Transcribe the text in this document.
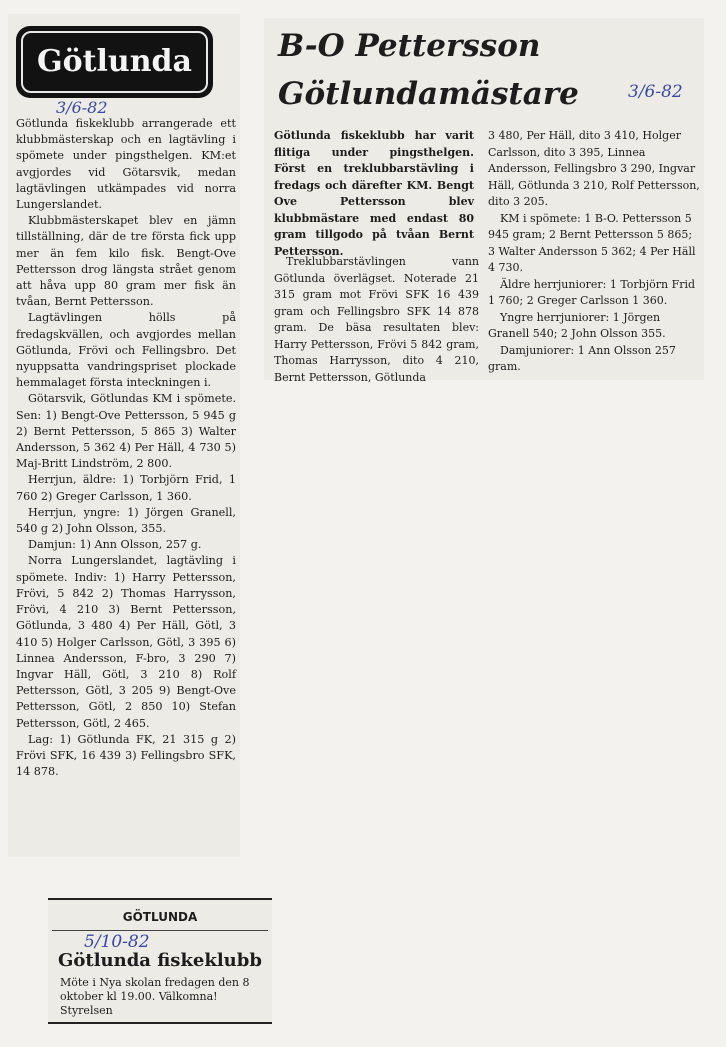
Götlunda
3/6-82

Götlunda fiskeklubb arrangerade ett klubbmästerskap och en lagtävling i spömete under pingsthelgen. KM:et avgjordes vid Götarsvik, medan lagtävlingen utkämpades vid norra Lungerslandet.

Klubbmästerskapet blev en jämn tillställning, där de tre första fick upp mer än fem kilo fisk. Bengt-Ove Pettersson drog längsta strået genom att håva upp 80 gram mer fisk än tvåan, Bernt Pettersson.

Lagtävlingen hölls på fredagskvällen, och avgjordes mellan Götlunda, Frövi och Fellingsbro. Det nyuppsatta vandringspriset plockade hemmalaget första inteckningen i.

Götarsvik, Götlundas KM i spömete. Sen: 1) Bengt-Ove Pettersson, 5 945 g 2) Bernt Pettersson, 5 865 3) Walter Andersson, 5 362 4) Per Häll, 4 730 5) Maj-Britt Lindström, 2 800.

Herrjun, äldre: 1) Torbjörn Frid, 1 760 2) Greger Carlsson, 1 360.

Herrjun, yngre: 1) Jörgen Granell, 540 g 2) John Olsson, 355.

Damjun: 1) Ann Olsson, 257 g.

Norra Lungerslandet, lagtävling i spömete. Indiv: 1) Harry Pettersson, Frövi, 5 842 2) Thomas Harrysson, Frövi, 4 210 3) Bernt Pettersson, Götlunda, 3 480 4) Per Häll, Götl, 3 410 5) Holger Carlsson, Götl, 3 395 6) Linnea Andersson, F-bro, 3 290 7) Ingvar Häll, Götl, 3 210 8) Rolf Pettersson, Götl, 3 205 9) Bengt-Ove Pettersson, Götl, 2 850 10) Stefan Pettersson, Götl, 2 465.

Lag: 1) Götlunda FK, 21 315 g 2) Frövi SFK, 16 439 3) Fellingsbro SFK, 14 878.

B-O Pettersson
Götlundamästare	3/6-82
Götlunda fiskeklubb har varit flitiga under pingsthelgen. Först en treklubbarstävling i fredags och därefter KM. Bengt Ove Pettersson blev klubbmästare med endast 80 gram tillgodo på tvåan Bernt Pettersson.

Treklubbarstävlingen vann Götlunda överlägset. Noterade 21 315 gram mot Frövi SFK 16 439 gram och Fellingsbro SFK 14 878 gram. De bäsa resultaten blev: Harry Pettersson, Frövi 5 842 gram, Thomas Harrysson, dito 4 210, Bernt Pettersson, Götlunda

3 480, Per Häll, dito 3 410, Holger Carlsson, dito 3 395, Linnea Andersson, Fellingsbro 3 290, Ingvar Häll, Götlunda 3 210, Rolf Pettersson, dito 3 205.

KM i spömete: 1 B-O. Pettersson 5 945 gram; 2 Bernt Pettersson 5 865; 3 Walter Andersson 5 362; 4 Per Häll 4 730.

Äldre herrjuniorer: 1 Torbjörn Frid 1 760; 2 Greger Carlsson 1 360.

Yngre herrjuniorer: 1 Jörgen Granell 540; 2 John Olsson 355.

Damjuniorer: 1 Ann Olsson 257 gram.

GÖTLUNDA
5/10-82
Götlunda fiskeklubb
Möte i Nya skolan fredagen den 8 oktober kl 19.00. Välkomna! Styrelsen
